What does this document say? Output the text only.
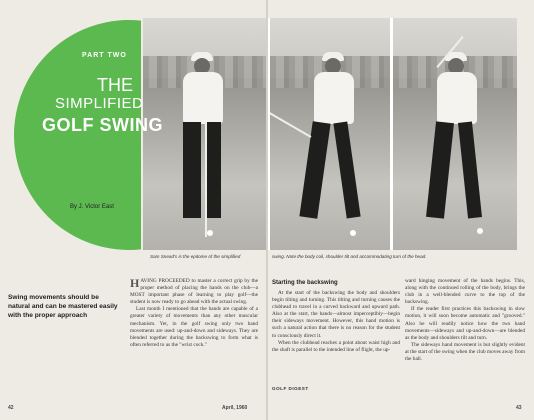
PART TWO
THE
SIMPLIFIED
GOLF SWING
By J. Victor East
Sam Snead's is the epitome of the simplified	swing. Note the body coil, shoulder tilt and accommodating turn of the head.
Swing movements should be natural and can be mastered easily with the proper approach
H AVING PROCEEDED to master a correct grip by the proper method of placing the hands on the club—a MOST important phase of learning to play golf—the student is now ready to go ahead with the actual swing.
Last month I mentioned that the hands are capable of a greater variety of movements than any other muscular mechanism. Yet, in the golf swing only two hand movements are used: up-and-down and sideways. They are blended together during the backswing to form what is often referred to as the "wrist cock."
Starting the backswing
At the start of the backswing the body and shoulders begin tilting and turning. This tilting and turning causes the clubhead to travel in a curved backward and upward path. Also at the start, the hands—almost imperceptibly—begin their sideways movement. However, this hand motion is such a natural action that there is no reason for the student to consciously direct it.
When the clubhead reaches a point about waist high and the shaft is parallel to the intended line of flight, the up-
ward hinging movement of the hands begins. This, along with the continued rolling of the body, brings the club in a well-blended curve to the top of the backswing.
If the reader first practices this backswing in slow motion, it will soon become automatic and "grooved." Also he will readily notice how the two hand movements—sideways and up-and-down—are blended as the body and shoulders tilt and turn.
The sideways hand movement is but slightly evident at the start of the swing when the club moves away from the ball.
GOLF DIGEST
42	April, 1960	43
